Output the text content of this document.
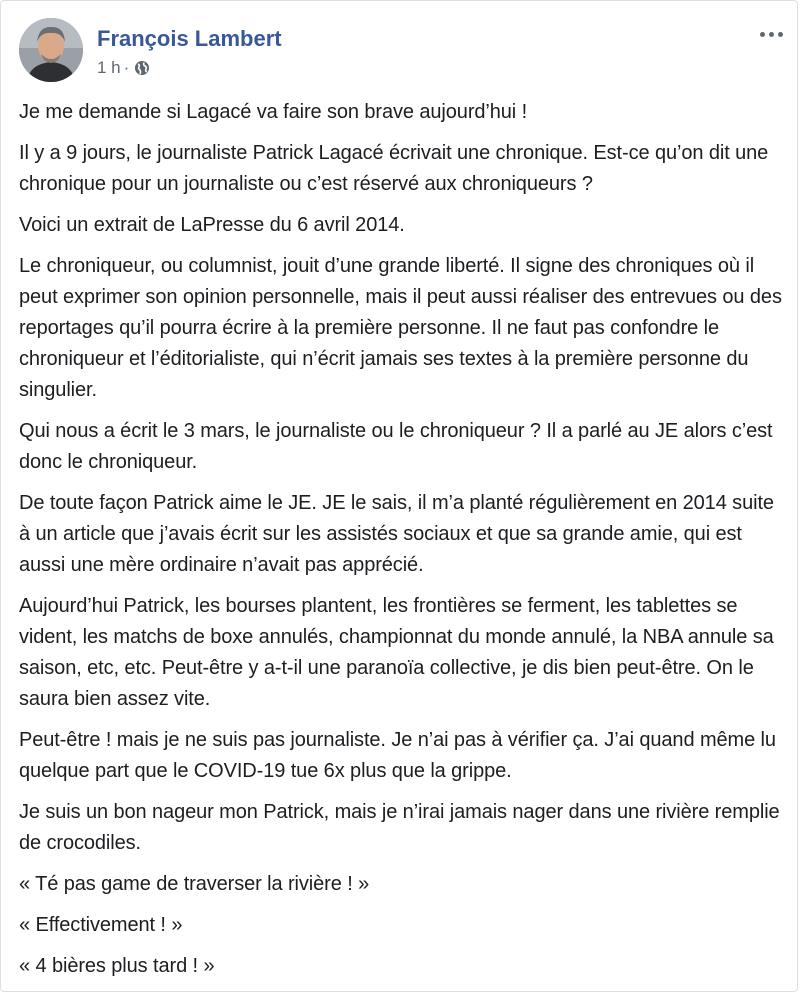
François Lambert
1 h ·

Je me demande si Lagacé va faire son brave aujourd’hui !

Il y a 9 jours, le journaliste Patrick Lagacé écrivait une chronique. Est-ce qu’on dit une chronique pour un journaliste ou c’est réservé aux chroniqueurs ?

Voici un extrait de LaPresse du 6 avril 2014.

Le chroniqueur, ou columnist, jouit d’une grande liberté. Il signe des chroniques où il peut exprimer son opinion personnelle, mais il peut aussi réaliser des entrevues ou des reportages qu’il pourra écrire à la première personne. Il ne faut pas confondre le chroniqueur et l’éditorialiste, qui n’écrit jamais ses textes à la première personne du singulier.

Qui nous a écrit le 3 mars, le journaliste ou le chroniqueur ? Il a parlé au JE alors c’est donc le chroniqueur.

De toute façon Patrick aime le JE. JE le sais, il m’a planté régulièrement en 2014 suite à un article que j’avais écrit sur les assistés sociaux et que sa grande amie, qui est aussi une mère ordinaire n’avait pas apprécié.

Aujourd’hui Patrick, les bourses plantent, les frontières se ferment, les tablettes se vident, les matchs de boxe annulés, championnat du monde annulé, la NBA annule sa saison, etc, etc. Peut-être y a-t-il une paranoïa collective, je dis bien peut-être. On le saura bien assez vite.

Peut-être ! mais je ne suis pas journaliste. Je n’ai pas à vérifier ça. J’ai quand même lu quelque part que le COVID-19 tue 6x plus que la grippe.

Je suis un bon nageur mon Patrick, mais je n’irai jamais nager dans une rivière remplie de crocodiles.

« Té pas game de traverser la rivière ! »

« Effectivement ! »

« 4 bières plus tard ! »
